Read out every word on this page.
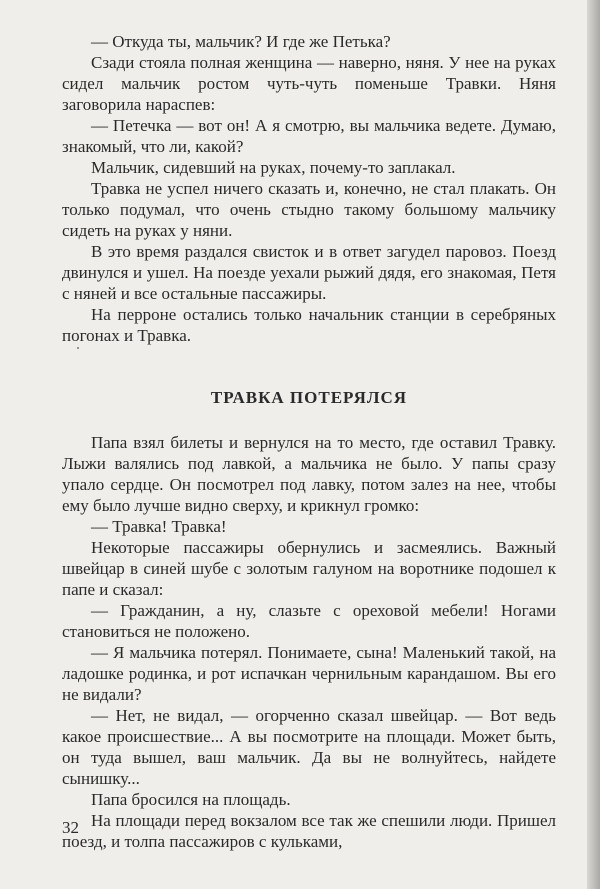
— Откуда ты, мальчик? И где же Петька?

Сзади стояла полная женщина — наверно, няня. У нее на руках сидел мальчик ростом чуть-чуть поменьше Травки. Няня заговорила нараспев:

— Петечка — вот он! А я смотрю, вы мальчика ведете. Думаю, знакомый, что ли, какой?

Мальчик, сидевший на руках, почему-то заплакал.

Травка не успел ничего сказать и, конечно, не стал плакать. Он только подумал, что очень стыдно такому большому мальчику сидеть на руках у няни.

В это время раздался свисток и в ответ загудел паровоз. Поезд двинулся и ушел. На поезде уехали рыжий дядя, его знакомая, Петя с няней и все остальные пассажиры.

На перроне остались только начальник станции в серебряных погонах и Травка.

ТРАВКА ПОТЕРЯЛСЯ

Папа взял билеты и вернулся на то место, где оставил Травку. Лыжи валялись под лавкой, а мальчика не было. У папы сразу упало сердце. Он посмотрел под лавку, потом залез на нее, чтобы ему было лучше видно сверху, и крикнул громко:

— Травка! Травка!

Некоторые пассажиры обернулись и засмеялись. Важный швейцар в синей шубе с золотым галуном на воротнике подошел к папе и сказал:

— Гражданин, а ну, слазьте с ореховой мебели! Ногами становиться не положено.

— Я мальчика потерял. Понимаете, сына! Маленький такой, на ладошке родинка, и рот испачкан чернильным карандашом. Вы его не видали?

— Нет, не видал, — огорченно сказал швейцар. — Вот ведь какое происшествие... А вы посмотрите на площади. Может быть, он туда вышел, ваш мальчик. Да вы не волнуйтесь, найдете сынишку...

Папа бросился на площадь.

На площади перед вокзалом все так же спешили люди. Пришел поезд, и толпа пассажиров с кульками,

32
